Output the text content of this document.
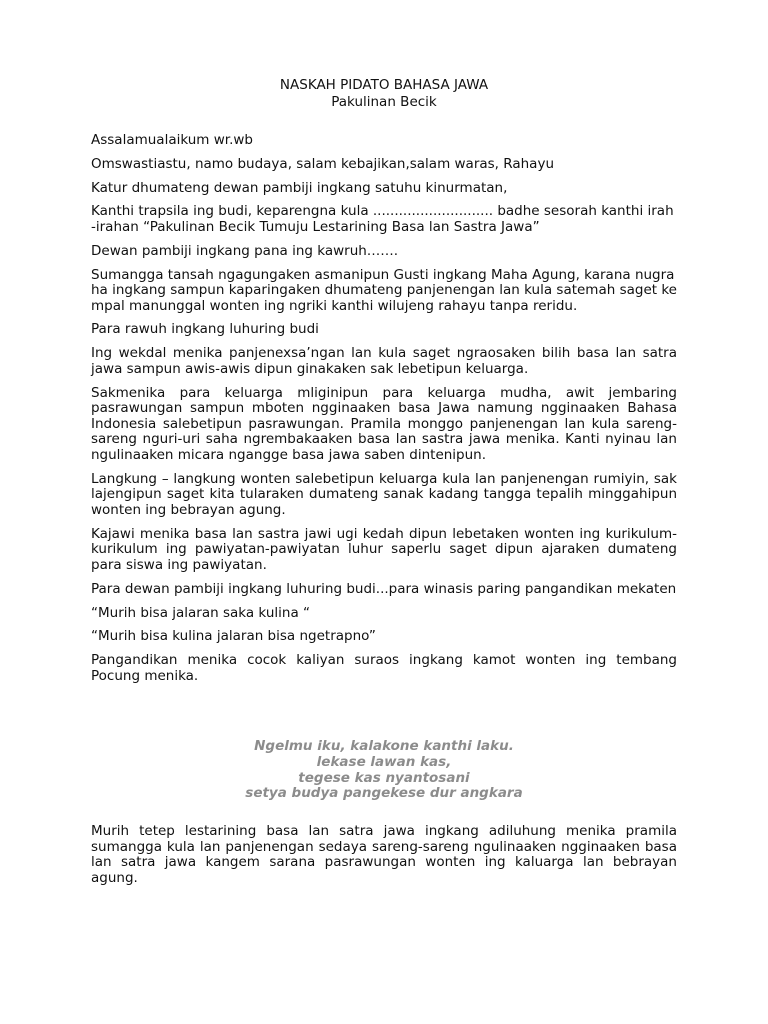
NASKAH PIDATO BAHASA JAWA
Pakulinan Becik

Assalamualaikum wr.wb

Omswastiastu, namo budaya, salam kebajikan,salam waras, Rahayu

Katur dhumateng dewan pambiji ingkang satuhu kinurmatan,

Kanthi trapsila ing budi, keparengna kula ............................ badhe sesorah kanthi irah-irahan “Pakulinan Becik Tumuju Lestarining Basa lan Sastra Jawa”

Dewan pambiji ingkang pana ing kawruh…….

Sumangga tansah ngagungaken asmanipun Gusti ingkang Maha Agung, karana nugraha ingkang sampun kaparingaken dhumateng panjenengan lan kula satemah saget kempal manunggal wonten ing ngriki kanthi wilujeng rahayu tanpa reridu.

Para rawuh ingkang luhuring budi

Ing wekdal menika panjenexsa’ngan lan kula saget ngraosaken bilih basa lan satra jawa sampun awis-awis dipun ginakaken sak lebetipun keluarga.

Sakmenika para keluarga mliginipun para keluarga mudha, awit jembaring pasrawungan sampun mboten ngginaaken basa Jawa namung ngginaaken Bahasa Indonesia salebetipun pasrawungan. Pramila monggo panjenengan lan kula sareng-sareng nguri-uri saha ngrembakaaken basa lan sastra jawa menika. Kanti nyinau lan ngulinaaken micara ngangge basa jawa saben dintenipun.

Langkung – langkung wonten salebetipun keluarga kula lan panjenengan rumiyin, sak lajengipun saget kita tularaken dumateng sanak kadang tangga tepalih minggahipun wonten ing bebrayan agung.

Kajawi menika basa lan sastra jawi ugi kedah dipun lebetaken wonten ing kurikulum-kurikulum ing pawiyatan-pawiyatan luhur saperlu saget dipun ajaraken dumateng para siswa ing pawiyatan.

Para dewan pambiji ingkang luhuring budi...para winasis paring pangandikan mekaten

“Murih bisa jalaran saka kulina “

“Murih bisa kulina jalaran bisa ngetrapno”

Pangandikan menika cocok kaliyan suraos ingkang kamot wonten ing tembang Pocung menika.

Ngelmu iku, kalakone kanthi laku.
lekase lawan kas,
tegese kas nyantosani
setya budya pangekese dur angkara

Murih tetep lestarining basa lan satra jawa ingkang adiluhung menika pramila sumangga kula lan panjenengan sedaya sareng-sareng ngulinaaken ngginaaken basa lan satra jawa kangem sarana pasrawungan wonten ing kaluarga lan bebrayan agung.
